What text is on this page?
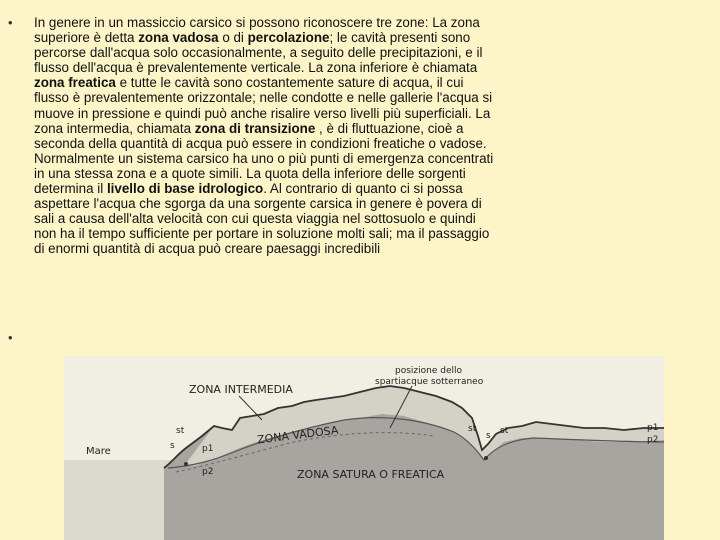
•
•
In genere in un massiccio carsico si possono riconoscere tre zone: La zona superiore è detta zona vadosa o di percolazione; le cavità presenti sono percorse dall'acqua solo occasionalmente, a seguito delle precipitazioni, e il flusso dell'acqua è prevalentemente verticale. La zona inferiore è chiamata zona freatica e tutte le cavità sono costantemente sature di acqua, il cui flusso è prevalentemente orizzontale; nelle condotte e nelle gallerie l'acqua si muove in pressione e quindi può anche risalire verso livelli più superficiali. La zona intermedia, chiamata zona di transizione , è di fluttuazione, cioè a seconda della quantità di acqua può essere in condizioni freatiche o vadose. Normalmente un sistema carsico ha uno o più punti di emergenza concentrati in una stessa zona e a quote simili. La quota della inferiore delle sorgenti determina il livello di base idrologico. Al contrario di quanto ci si possa aspettare l'acqua che sgorga da una sorgente carsica in genere è povera di sali a causa dell'alta velocità con cui questa viaggia nel sottosuolo e quindi non ha il tempo sufficiente per portare in soluzione molti sali; ma il passaggio di enormi quantità di acqua può creare paesaggi incredibili
ZONA INTERMEDIA
posizione dello
spartiacque sotterraneo
ZONA VADOSA
ZONA SATURA O FREATICA
Mare
st
s	p1
p2
st
s st	p1
p2
